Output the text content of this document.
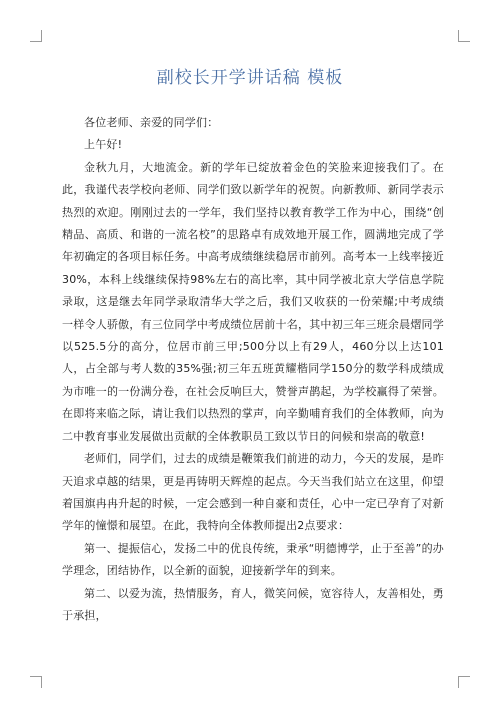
副校长开学讲话稿 模板

各位老师、亲爱的同学们：

上午好!

金秋九月，大地流金。新的学年已绽放着金色的笑脸来迎接我们了。在此，我谨代表学校向老师、同学们致以新学年的祝贺。向新教师、新同学表示热烈的欢迎。刚刚过去的一学年，我们坚持以教育教学工作为中心，围绕“创精品、高质、和谐的一流名校”的思路卓有成效地开展工作，圆满地完成了学年初确定的各项目标任务。中高考成绩继续稳居市前列。高考本一上线率接近30%，本科上线继续保持98%左右的高比率，其中同学被北京大学信息学院录取，这是继去年同学录取清华大学之后，我们又收获的一份荣耀;中考成绩一样令人骄傲，有三位同学中考成绩位居前十名，其中初三年三班余晨熠同学以525.5分的高分，位居市前三甲;500分以上有29人，460分以上达101人，占全部与考人数的35%强;初三年五班黄耀楷同学150分的数学科成绩成为市唯一的一份满分卷，在社会反响巨大，赞誉声鹊起，为学校赢得了荣誉。在即将来临之际，请让我们以热烈的掌声，向辛勤哺育我们的全体教师，向为二中教育事业发展做出贡献的全体教职员工致以节日的问候和崇高的敬意!

老师们，同学们，过去的成绩是鞭策我们前进的动力，今天的发展，是昨天追求卓越的结果，更是再铸明天辉煌的起点。今天当我们站立在这里，仰望着国旗冉冉升起的时候，一定会感到一种自豪和责任，心中一定已孕育了对新学年的憧憬和展望。在此，我特向全体教师提出2点要求：

第一、提振信心，发扬二中的优良传统，秉承“明德博学，止于至善”的办学理念，团结协作，以全新的面貌，迎接新学年的到来。

第二、以爱为流，热情服务，育人，微笑问候，宽容待人，友善相处，勇于承担，
